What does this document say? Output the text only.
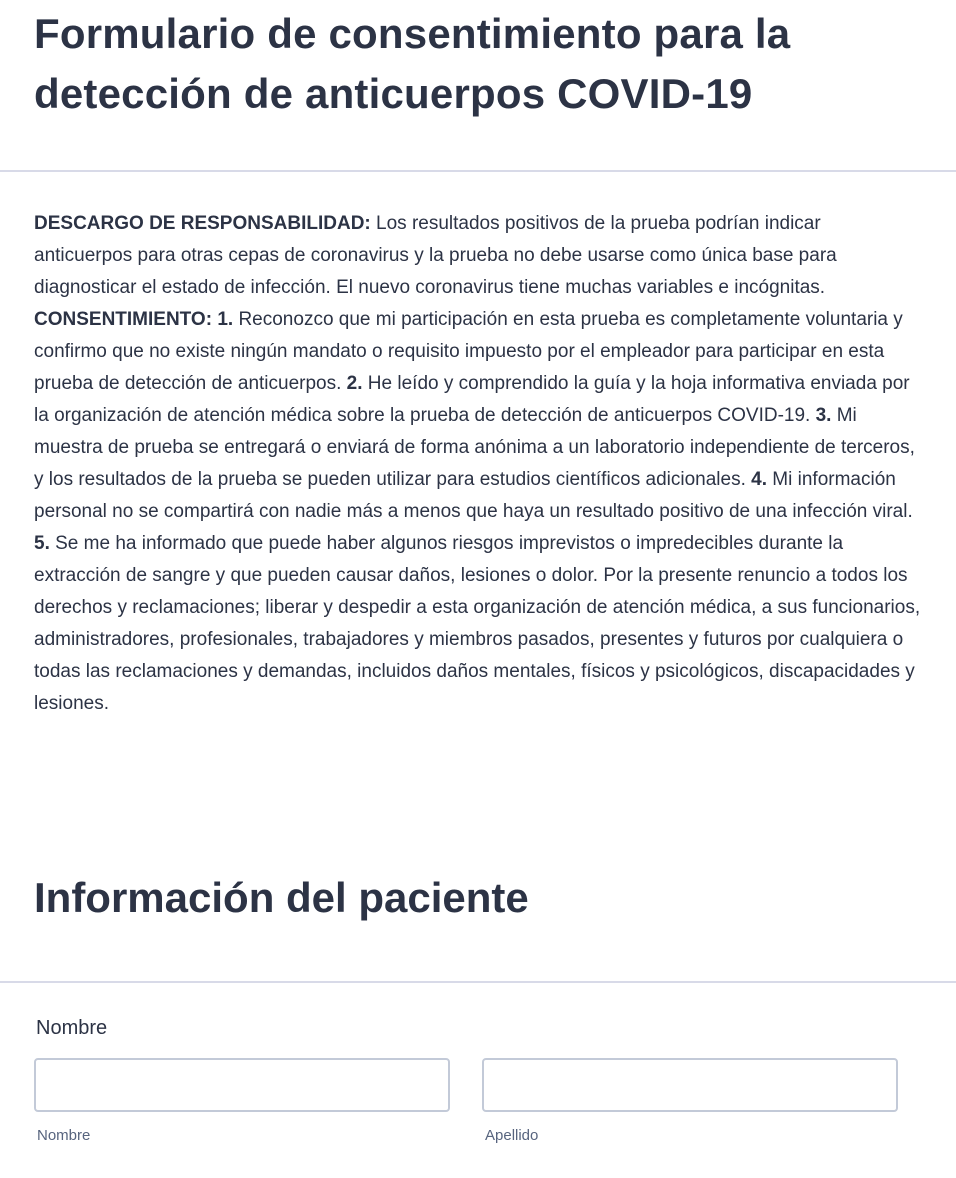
Formulario de consentimiento para la detección de anticuerpos COVID-19

DESCARGO DE RESPONSABILIDAD: Los resultados positivos de la prueba podrían indicar anticuerpos para otras cepas de coronavirus y la prueba no debe usarse como única base para diagnosticar el estado de infección. El nuevo coronavirus tiene muchas variables e incógnitas. CONSENTIMIENTO: 1. Reconozco que mi participación en esta prueba es completamente voluntaria y confirmo que no existe ningún mandato o requisito impuesto por el empleador para participar en esta prueba de detección de anticuerpos. 2. He leído y comprendido la guía y la hoja informativa enviada por la organización de atención médica sobre la prueba de detección de anticuerpos COVID-19. 3. Mi muestra de prueba se entregará o enviará de forma anónima a un laboratorio independiente de terceros, y los resultados de la prueba se pueden utilizar para estudios científicos adicionales. 4. Mi información personal no se compartirá con nadie más a menos que haya un resultado positivo de una infección viral. 5. Se me ha informado que puede haber algunos riesgos imprevistos o impredecibles durante la extracción de sangre y que pueden causar daños, lesiones o dolor. Por la presente renuncio a todos los derechos y reclamaciones; liberar y despedir a esta organización de atención médica, a sus funcionarios, administradores, profesionales, trabajadores y miembros pasados, presentes y futuros por cualquiera o todas las reclamaciones y demandas, incluidos daños mentales, físicos y psicológicos, discapacidades y lesiones.

Información del paciente
Nombre
Nombre	Apellido
